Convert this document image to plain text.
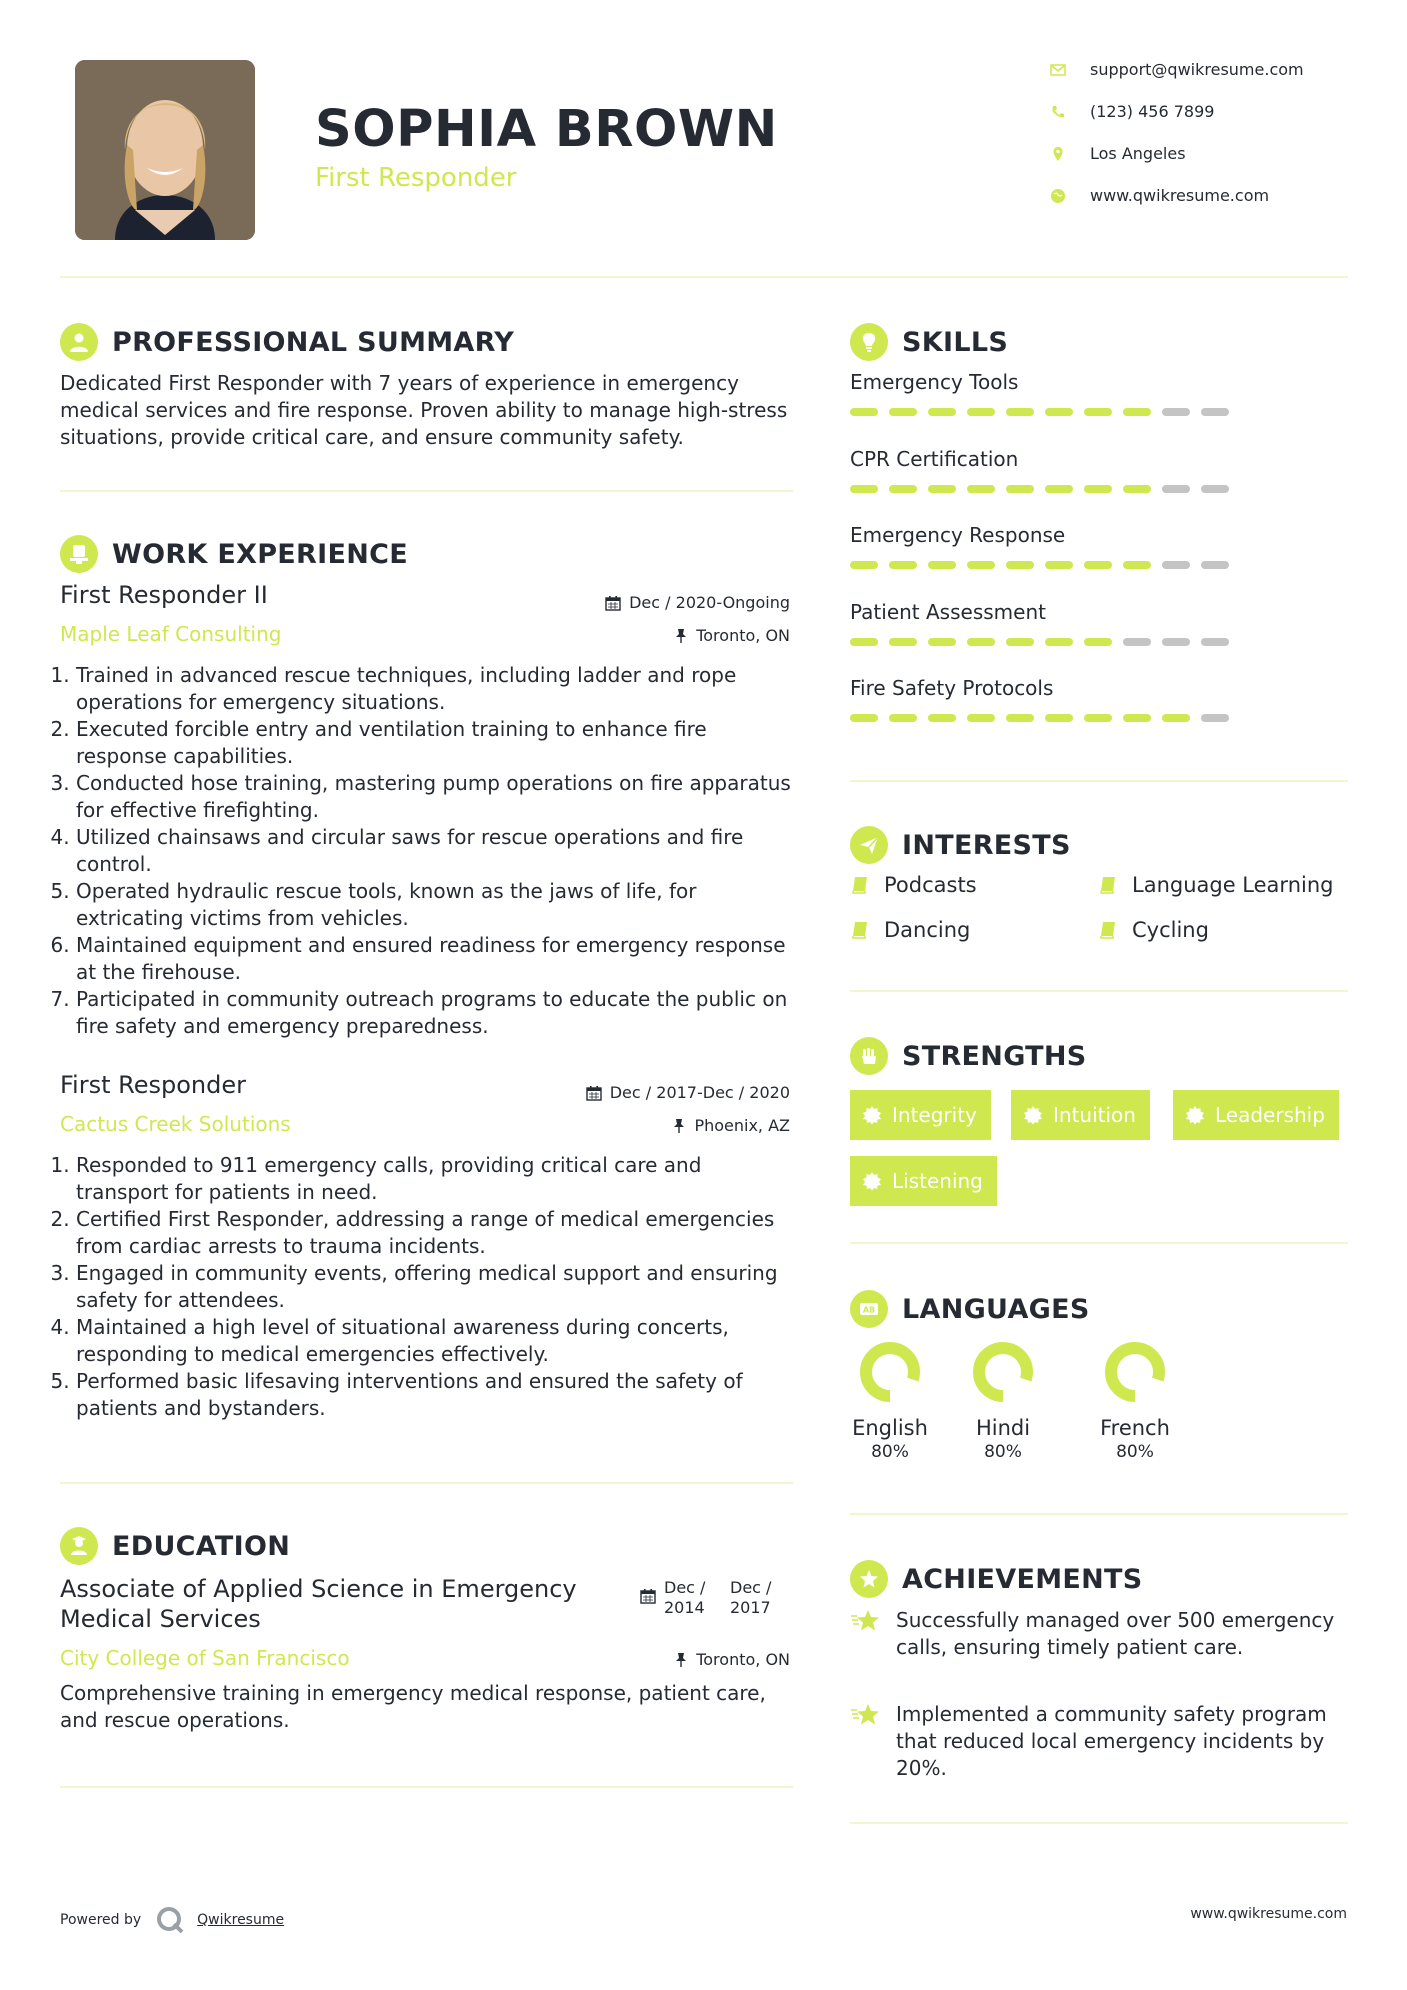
SOPHIA BROWN
First Responder
support@qwikresume.com
(123) 456 7899
Los Angeles
www.qwikresume.com
PROFESSIONAL SUMMARY
Dedicated First Responder with 7 years of experience in emergency medical services and fire response. Proven ability to manage high-stress situations, provide critical care, and ensure community safety.
WORK EXPERIENCE
First Responder II
Maple Leaf Consulting
Dec / 2020-Ongoing
Toronto, ON
1. Trained in advanced rescue techniques, including ladder and rope operations for emergency situations.
2. Executed forcible entry and ventilation training to enhance fire response capabilities.
3. Conducted hose training, mastering pump operations on fire apparatus for effective firefighting.
4. Utilized chainsaws and circular saws for rescue operations and fire control.
5. Operated hydraulic rescue tools, known as the jaws of life, for extricating victims from vehicles.
6. Maintained equipment and ensured readiness for emergency response at the firehouse.
7. Participated in community outreach programs to educate the public on fire safety and emergency preparedness.
First Responder
Cactus Creek Solutions
Dec / 2017-Dec / 2020
Phoenix, AZ
1. Responded to 911 emergency calls, providing critical care and transport for patients in need.
2. Certified First Responder, addressing a range of medical emergencies from cardiac arrests to trauma incidents.
3. Engaged in community events, offering medical support and ensuring safety for attendees.
4. Maintained a high level of situational awareness during concerts, responding to medical emergencies effectively.
5. Performed basic lifesaving interventions and ensured the safety of patients and bystanders.
EDUCATION
Associate of Applied Science in Emergency Medical Services
Dec / 2014
Dec / 2017
City College of San Francisco	Toronto, ON
Comprehensive training in emergency medical response, patient care, and rescue operations.
SKILLS
Emergency Tools
CPR Certification
Emergency Response
Patient Assessment
Fire Safety Protocols
INTERESTS
Podcasts	Language Learning
Dancing	Cycling
STRENGTHS
Integrity	Intuition	Leadership
Listening
AB LANGUAGES
English
80%
Hindi
80%
French
80%
ACHIEVEMENTS
Successfully managed over 500 emergency calls, ensuring timely patient care.
Implemented a community safety program that reduced local emergency incidents by 20%.
Powered by	Qwikresume	www.qwikresume.com
